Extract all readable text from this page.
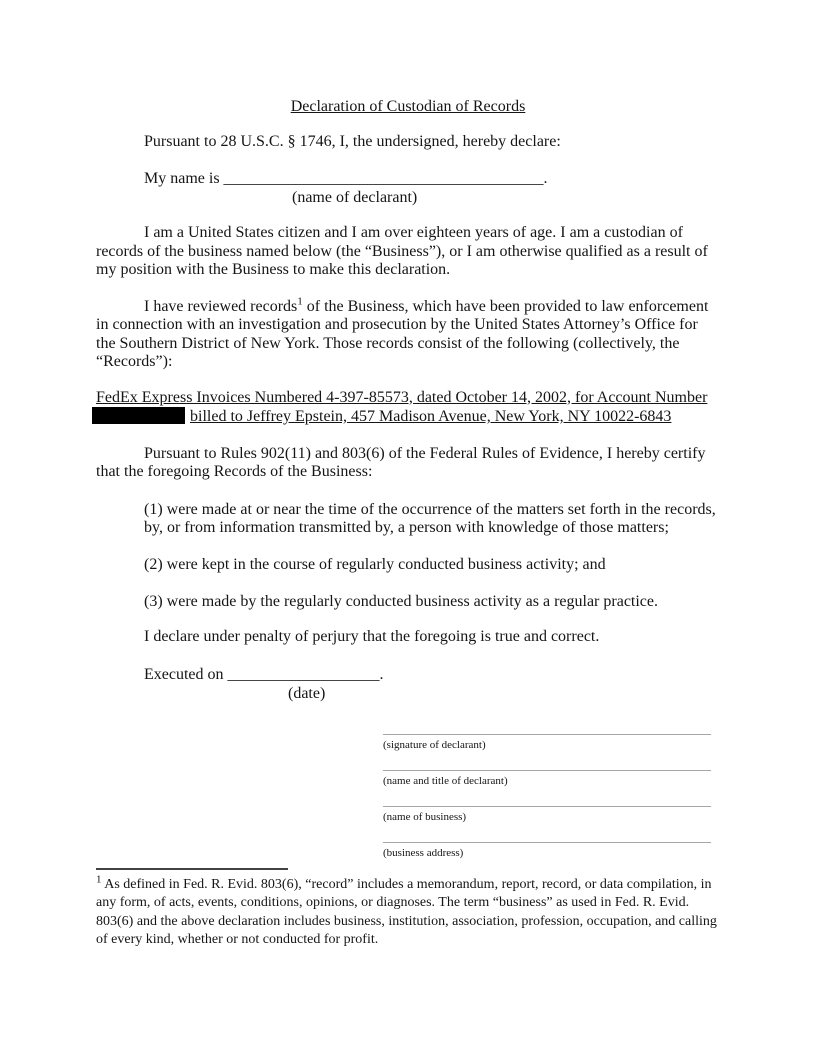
Declaration of Custodian of Records

Pursuant to 28 U.S.C. § 1746, I, the undersigned, hereby declare:

My name is ________________________________________.

(name of declarant)

I am a United States citizen and I am over eighteen years of age. I am a custodian of records of the business named below (the “Business”), or I am otherwise qualified as a result of my position with the Business to make this declaration.

I have reviewed records$^1$ of the Business, which have been provided to law enforcement in connection with an investigation and prosecution by the United States Attorney’s Office for the Southern District of New York. Those records consist of the following (collectively, the “Records”):

FedEx Express Invoices Numbered 4-397-85573, dated October 14, 2002, for Account Number
billed to Jeffrey Epstein, 457 Madison Avenue, New York, NY 10022-6843

Pursuant to Rules 902(11) and 803(6) of the Federal Rules of Evidence, I hereby certify that the foregoing Records of the Business:

(1) were made at or near the time of the occurrence of the matters set forth in the records, by, or from information transmitted by, a person with knowledge of those matters;

(2) were kept in the course of regularly conducted business activity; and

(3) were made by the regularly conducted business activity as a regular practice.

I declare under penalty of perjury that the foregoing is true and correct.

Executed on ___________________.

(date)

_________________________________________
(signature of declarant)
_________________________________________
(name and title of declarant)
_________________________________________
(name of business)
_________________________________________
(business address)

$^1$ As defined in Fed. R. Evid. 803(6), “record” includes a memorandum, report, record, or data compilation, in any form, of acts, events, conditions, opinions, or diagnoses. The term “business” as used in Fed. R. Evid. 803(6) and the above declaration includes business, institution, association, profession, occupation, and calling of every kind, whether or not conducted for profit.
